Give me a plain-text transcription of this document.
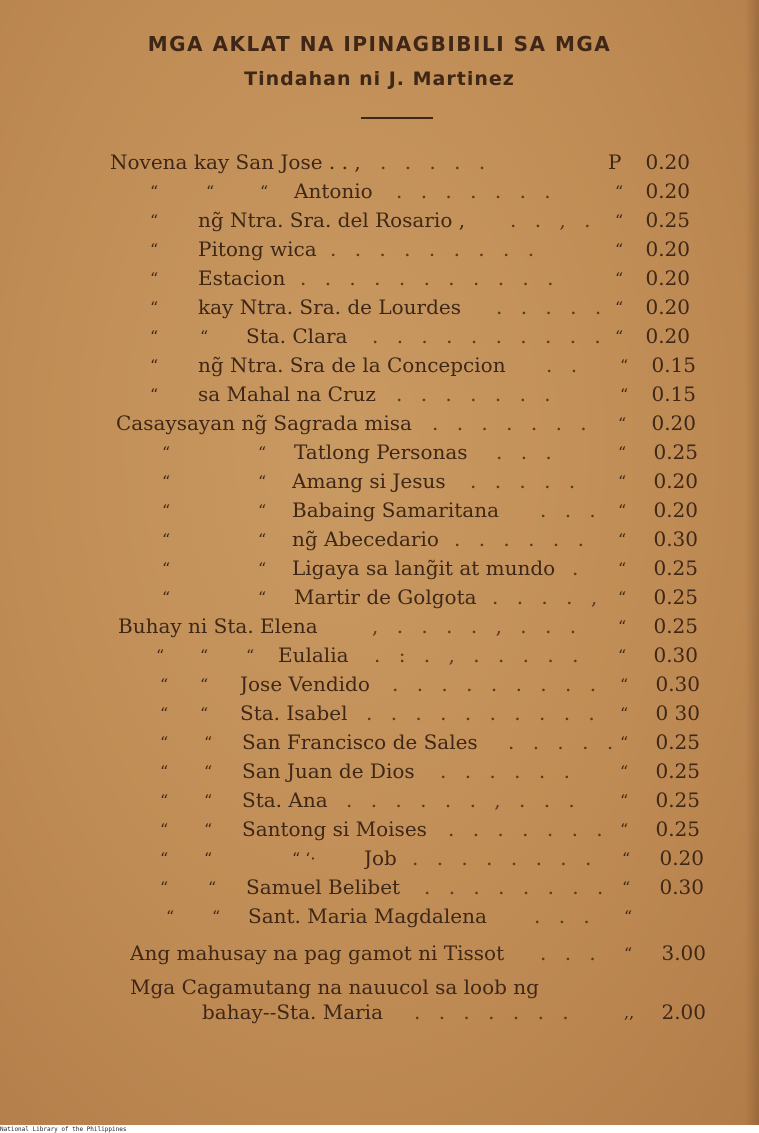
MGA AKLAT NA IPINAGBIBILI SA MGA
Tindahan ni J. Martinez
Novena kay San Jose . . , . . . . .	P	0.20
“	“	“ Antonio	. . . . . . .	“	0.20
“ ng̃ Ntra. Sra. del Rosario ,	. . , . “	0.25
“ Pitong wica . . . . . . . . .	“	0.20
“ Estacion . . . . . . . . . . .	“	0.20
“ kay Ntra. Sra. de Lourdes	. . . . . “	0.20
“	“ Sta. Clara	. . . . . . . . . . “	0.20
“ ng̃ Ntra. Sra de la Concepcion	. . “	0.15
“ sa Mahal na Cruz	. . . . . . .	“	0.15
Casaysayan ng̃ Sagrada misa	. . . . . . . “	0.20
“	“ Tatlong Personas	. . .	“	0.25
“	“ Amang si Jesus	. . . . . “	0.20
“	“ Babaing Samaritana	. . . “	0.20
“	“ ng̃ Abecedario . . . . . . “	0.30
“	“ Ligaya sa lang̃it at mundo . “	0.25
“	“ Martir de Golgota . . . . , “	0.25
Buhay ni Sta. Elena	, . . . . , . . . “	0.25
“ “ “ Eulalia	. : . , . . . . . “	0.30
“ “ Jose Vendido	. . . . . . . . . “	0.30
“ “ Sta. Isabel . . . . . . . . . . “	0 30
“ “ San Francisco de Sales	. . . . . “	0.25
“ “ San Juan de Dios	. . . . . .	“	0.25
“ “ Sta. Ana . . . . . . , . . . “	0.25
“ “ Santong si Moises	. . . . . . . “	0.25
“ “	“ ‘· Job . . . . . . . . “	0.20
“ “ Samuel Belibet	. . . . . . . . “	0.30
“ “ Sant. Maria Magdalena	. . . “
Ang mahusay na pag gamot ni Tissot	. . . “	3.00
Mga Cagamutang na nauucol sa loob ng
bahay--Sta. Maria	. . . . . . .	,,	2.00
National Library of the Philippines
